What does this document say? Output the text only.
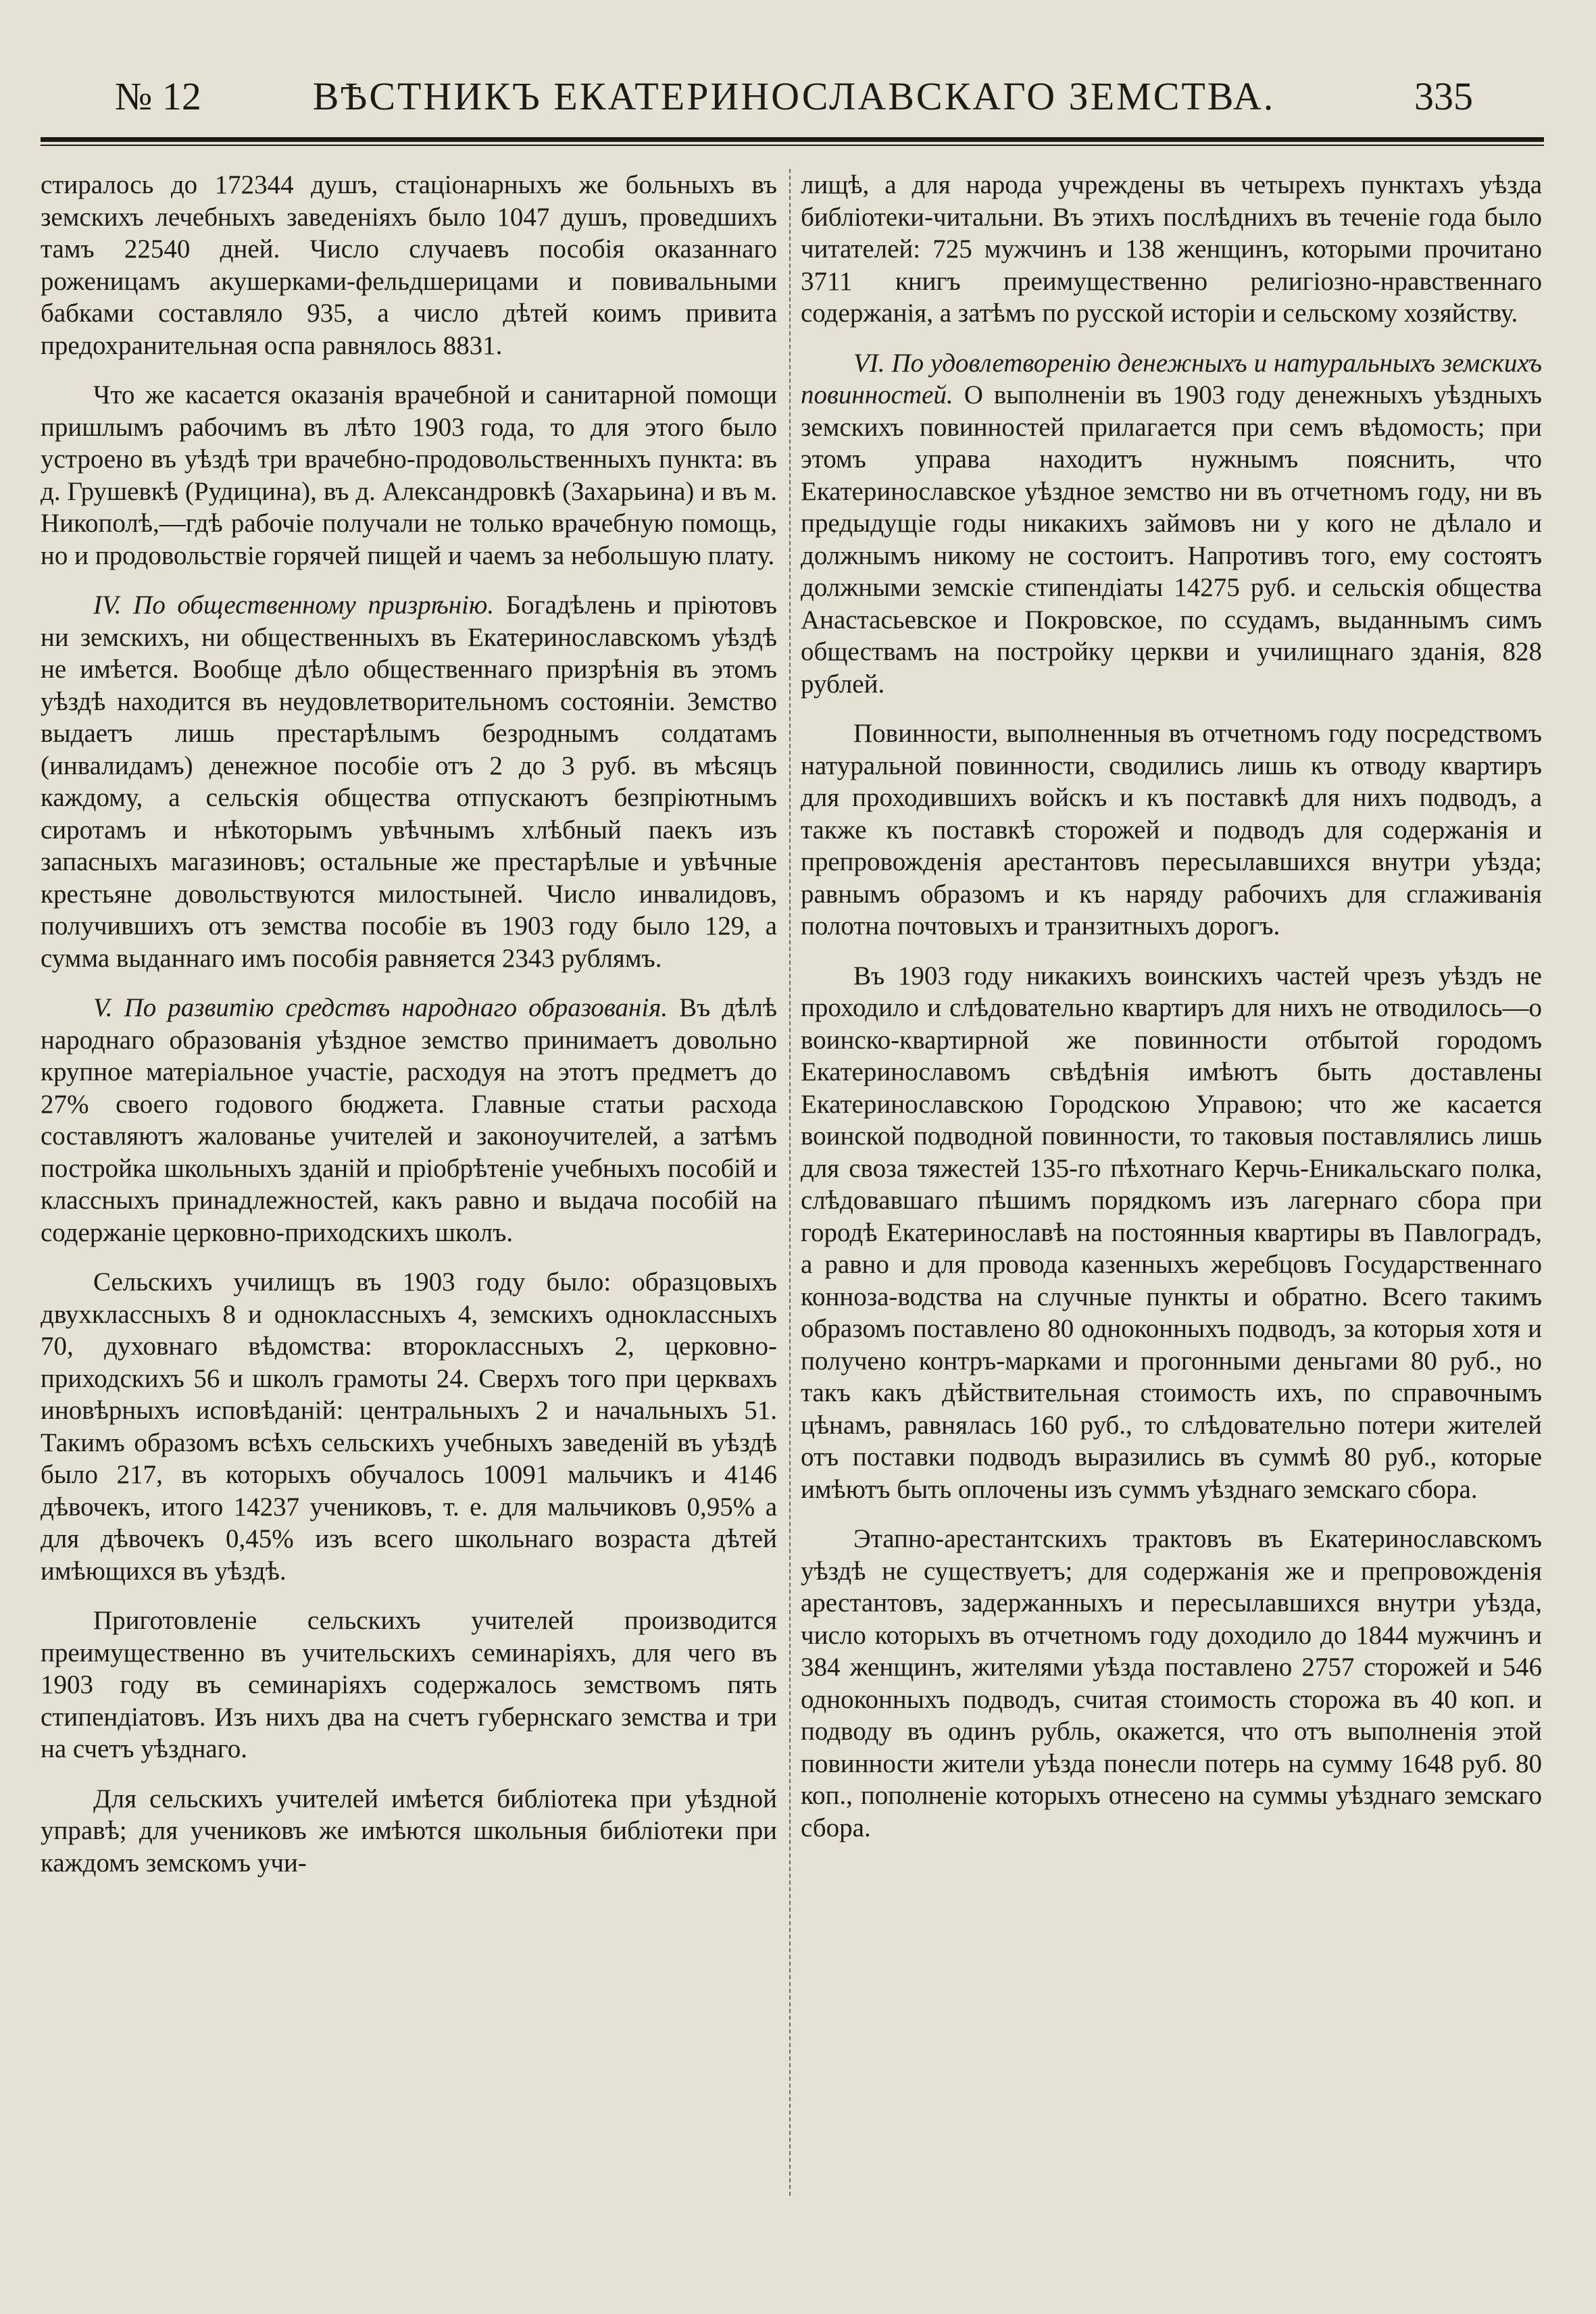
№ 12	ВѢСТНИКЪ ЕКАТЕРИНОСЛАВСКАГО ЗЕМСТВА.	335

стиралось до 172344 душъ, стаціонарныхъ же больныхъ въ земскихъ лечебныхъ заведеніяхъ было 1047 душъ, проведшихъ тамъ 22540 дней. Число случаевъ пособія оказаннаго роженицамъ акушерками-фельдшерицами и повивальными бабками составляло 935, а число дѣтей коимъ привита предохранительная оспа равнялось 8831.

Что же касается оказанія врачебной и санитарной помощи пришлымъ рабочимъ въ лѣто 1903 года, то для этого было устроено въ уѣздѣ три врачебно-продовольственныхъ пункта: въ д. Грушевкѣ (Рудицина), въ д. Александровкѣ (Захарьина) и въ м. Никополѣ,—гдѣ рабочіе получали не только врачебную помощь, но и продовольствіе горячей пищей и чаемъ за небольшую плату.

IV. По общественному призрѣнію. Богадѣлень и пріютовъ ни земскихъ, ни общественныхъ въ Екатеринославскомъ уѣздѣ не имѣется. Вообще дѣло общественнаго призрѣнія въ этомъ уѣздѣ находится въ неудовлетворительномъ состояніи. Земство выдаетъ лишь престарѣлымъ безроднымъ солдатамъ (инвалидамъ) денежное пособіе отъ 2 до 3 руб. въ мѣсяцъ каждому, а сельскія общества отпускаютъ безпріютнымъ сиротамъ и нѣкоторымъ увѣчнымъ хлѣбный паекъ изъ запасныхъ магазиновъ; остальные же престарѣлые и увѣчные крестьяне довольствуются милостыней. Число инвалидовъ, получившихъ отъ земства пособіе въ 1903 году было 129, а сумма выданнаго имъ пособія равняется 2343 рублямъ.

V. По развитію средствъ народнаго образованія. Въ дѣлѣ народнаго образованія уѣздное земство принимаетъ довольно крупное матеріальное участіе, расходуя на этотъ предметъ до 27% своего годового бюджета. Главные статьи расхода составляютъ жалованье учителей и законоучителей, а затѣмъ постройка школьныхъ зданій и пріобрѣтеніе учебныхъ пособій и классныхъ принадлежностей, какъ равно и выдача пособій на содержаніе церковно-приходскихъ школъ.

Сельскихъ училищъ въ 1903 году было: образцовыхъ двухклассныхъ 8 и одноклассныхъ 4, земскихъ одноклассныхъ 70, духовнаго вѣдомства: второклассныхъ 2, церковно-приходскихъ 56 и школъ грамоты 24. Сверхъ того при церквахъ иновѣрныхъ исповѣданій: центральныхъ 2 и начальныхъ 51. Такимъ образомъ всѣхъ сельскихъ учебныхъ заведеній въ уѣздѣ было 217, въ которыхъ обучалось 10091 мальчикъ и 4146 дѣвочекъ, итого 14237 учениковъ, т. е. для мальчиковъ 0,95% а для дѣвочекъ 0,45% изъ всего школьнаго возраста дѣтей имѣющихся въ уѣздѣ.

Приготовленіе сельскихъ учителей производится преимущественно въ учительскихъ семинаріяхъ, для чего въ 1903 году въ семинаріяхъ содержалось земствомъ пять стипендіатовъ. Изъ нихъ два на счетъ губернскаго земства и три на счетъ уѣзднаго.

Для сельскихъ учителей имѣется библіотека при уѣздной управѣ; для учениковъ же имѣются школьныя библіотеки при каждомъ земскомъ учи-

лищѣ, а для народа учреждены въ четырехъ пунктахъ уѣзда библіотеки-читальни. Въ этихъ послѣднихъ въ теченіе года было читателей: 725 мужчинъ и 138 женщинъ, которыми прочитано 3711 книгъ преимущественно религіозно-нравственнаго содержанія, а затѣмъ по русской исторіи и сельскому хозяйству.

VI. По удовлетворенію денежныхъ и натуральныхъ земскихъ повинностей. О выполненіи въ 1903 году денежныхъ уѣздныхъ земскихъ повинностей прилагается при семъ вѣдомость; при этомъ управа находитъ нужнымъ пояснить, что Екатеринославское уѣздное земство ни въ отчетномъ году, ни въ предыдущіе годы никакихъ займовъ ни у кого не дѣлало и должнымъ никому не состоитъ. Напротивъ того, ему состоятъ должными земскіе стипендіаты 14275 руб. и сельскія общества Анастасьевское и Покровское, по ссудамъ, выданнымъ симъ обществамъ на постройку церкви и училищнаго зданія, 828 рублей.

Повинности, выполненныя въ отчетномъ году посредствомъ натуральной повинности, сводились лишь къ отводу квартиръ для проходившихъ войскъ и къ поставкѣ для нихъ подводъ, а также къ поставкѣ сторожей и подводъ для содержанія и препровожденія арестантовъ пересылавшихся внутри уѣзда; равнымъ образомъ и къ наряду рабочихъ для сглаживанія полотна почтовыхъ и транзитныхъ дорогъ.

Въ 1903 году никакихъ воинскихъ частей чрезъ уѣздъ не проходило и слѣдовательно квартиръ для нихъ не отводилось—о воинско-квартирной же повинности отбытой городомъ Екатеринославомъ свѣдѣнія имѣютъ быть доставлены Екатеринославскою Городскою Управою; что же касается воинской подводной повинности, то таковыя поставлялись лишь для своза тяжестей 135-го пѣхотнаго Керчь-Еникальскаго полка, слѣдовавшаго пѣшимъ порядкомъ изъ лагернаго сбора при городѣ Екатеринославѣ на постоянныя квартиры въ Павлоградъ, а равно и для провода казенныхъ жеребцовъ Государственнаго конноза-водства на случные пункты и обратно. Всего такимъ образомъ поставлено 80 одноконныхъ подводъ, за которыя хотя и получено контръ-марками и прогонными деньгами 80 руб., но такъ какъ дѣйствительная стоимость ихъ, по справочнымъ цѣнамъ, равнялась 160 руб., то слѣдовательно потери жителей отъ поставки подводъ выразились въ суммѣ 80 руб., которые имѣютъ быть оплочены изъ суммъ уѣзднаго земскаго сбора.

Этапно-арестантскихъ трактовъ въ Екатеринославскомъ уѣздѣ не существуетъ; для содержанія же и препровожденія арестантовъ, задержанныхъ и пересылавшихся внутри уѣзда, число которыхъ въ отчетномъ году доходило до 1844 мужчинъ и 384 женщинъ, жителями уѣзда поставлено 2757 сторожей и 546 одноконныхъ подводъ, считая стоимость сторожа въ 40 коп. и подводу въ одинъ рубль, окажется, что отъ выполненія этой повинности жители уѣзда понесли потерь на сумму 1648 руб. 80 коп., пополненіе которыхъ отнесено на суммы уѣзднаго земскаго сбора.
